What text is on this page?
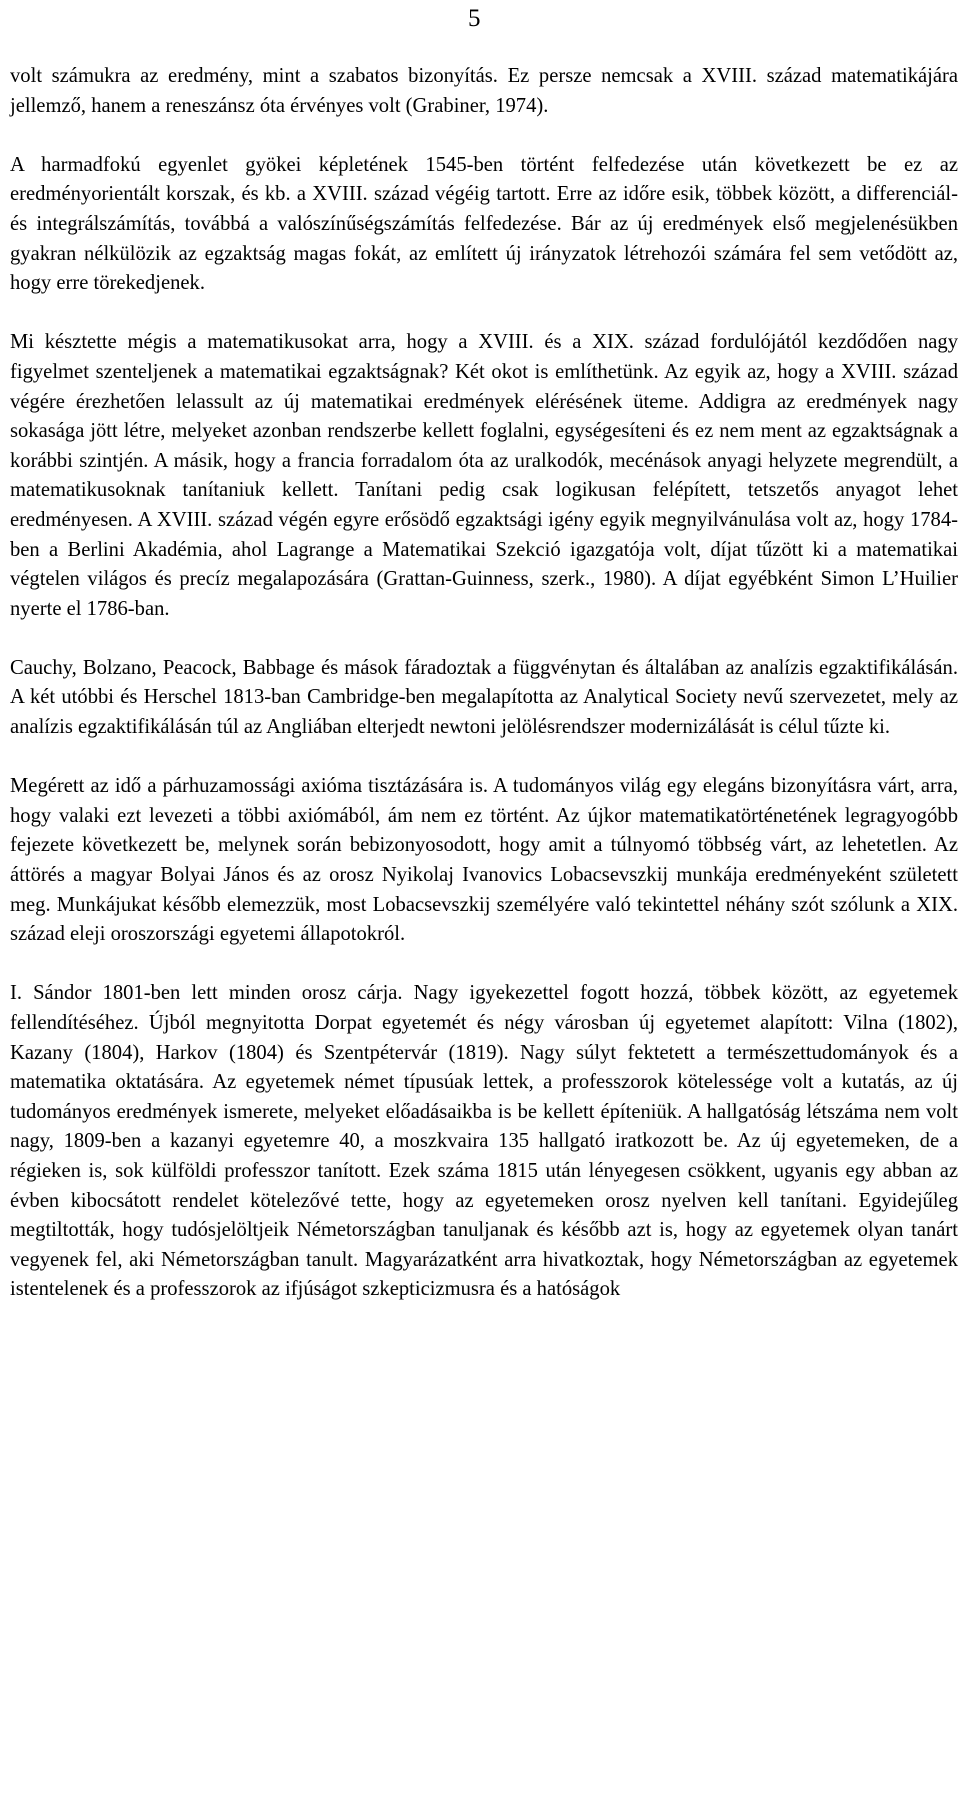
5

volt számukra az eredmény, mint a szabatos bizonyítás. Ez persze nemcsak a XVIII. század matematikájára jellemző, hanem a reneszánsz óta érvényes volt (Grabiner, 1974).

A harmadfokú egyenlet gyökei képletének 1545-ben történt felfedezése után következett be ez az eredményorientált korszak, és kb. a XVIII. század végéig tartott. Erre az időre esik, többek között, a differenciál- és integrálszámítás, továbbá a valószínűségszámítás felfedezése. Bár az új eredmények első megjelenésükben gyakran nélkülözik az egzaktság magas fokát, az említett új irányzatok létrehozói számára fel sem vetődött az, hogy erre törekedjenek.

Mi késztette mégis a matematikusokat arra, hogy a XVIII. és a XIX. század fordulójától kezdődően nagy figyelmet szenteljenek a matematikai egzaktságnak? Két okot is említhetünk. Az egyik az, hogy a XVIII. század végére érezhetően lelassult az új matematikai eredmények elérésének üteme. Addigra az eredmények nagy sokasága jött létre, melyeket azonban rendszerbe kellett foglalni, egységesíteni és ez nem ment az egzaktságnak a korábbi szintjén. A másik, hogy a francia forradalom óta az uralkodók, mecénások anyagi helyzete megrendült, a matematikusoknak tanítaniuk kellett. Tanítani pedig csak logikusan felépített, tetszetős anyagot lehet eredményesen. A XVIII. század végén egyre erősödő egzaktsági igény egyik megnyilvánulása volt az, hogy 1784-ben a Berlini Akadémia, ahol Lagrange a Matematikai Szekció igazgatója volt, díjat tűzött ki a matematikai végtelen világos és precíz megalapozására (Grattan-Guinness, szerk., 1980). A díjat egyébként Simon L’Huilier nyerte el 1786-ban.

Cauchy, Bolzano, Peacock, Babbage és mások fáradoztak a függvénytan és általában az analízis egzaktifikálásán. A két utóbbi és Herschel 1813-ban Cambridge-ben megalapította az Analytical Society nevű szervezetet, mely az analízis egzaktifikálásán túl az Angliában elterjedt newtoni jelölésrendszer modernizálását is célul tűzte ki.

Megérett az idő a párhuzamossági axióma tisztázására is. A tudományos világ egy elegáns bizonyításra várt, arra, hogy valaki ezt levezeti a többi axiómából, ám nem ez történt. Az újkor matematikatörténetének legragyogóbb fejezete következett be, melynek során bebizonyosodott, hogy amit a túlnyomó többség várt, az lehetetlen. Az áttörés a magyar Bolyai János és az orosz Nyikolaj Ivanovics Lobacsevszkij munkája eredményeként született meg. Munkájukat később elemezzük, most Lobacsevszkij személyére való tekintettel néhány szót szólunk a XIX. század eleji oroszországi egyetemi állapotokról.

I. Sándor 1801-ben lett minden orosz cárja. Nagy igyekezettel fogott hozzá, többek között, az egyetemek fellendítéséhez. Újból megnyitotta Dorpat egyetemét és négy városban új egyetemet alapított: Vilna (1802), Kazany (1804), Harkov (1804) és Szentpétervár (1819). Nagy súlyt fektetett a természettudományok és a matematika oktatására. Az egyetemek német típusúak lettek, a professzorok kötelessége volt a kutatás, az új tudományos eredmények ismerete, melyeket előadásaikba is be kellett építeniük. A hallgatóság létszáma nem volt nagy, 1809-ben a kazanyi egyetemre 40, a moszkvaira 135 hallgató iratkozott be. Az új egyetemeken, de a régieken is, sok külföldi professzor tanított. Ezek száma 1815 után lényegesen csökkent, ugyanis egy abban az évben kibocsátott rendelet kötelezővé tette, hogy az egyetemeken orosz nyelven kell tanítani. Egyidejűleg megtiltották, hogy tudósjelöltjeik Németországban tanuljanak és később azt is, hogy az egyetemek olyan tanárt vegyenek fel, aki Németországban tanult. Magyarázatként arra hivatkoztak, hogy Németországban az egyetemek istentelenek és a professzorok az ifjúságot szkepticizmusra és a hatóságok
